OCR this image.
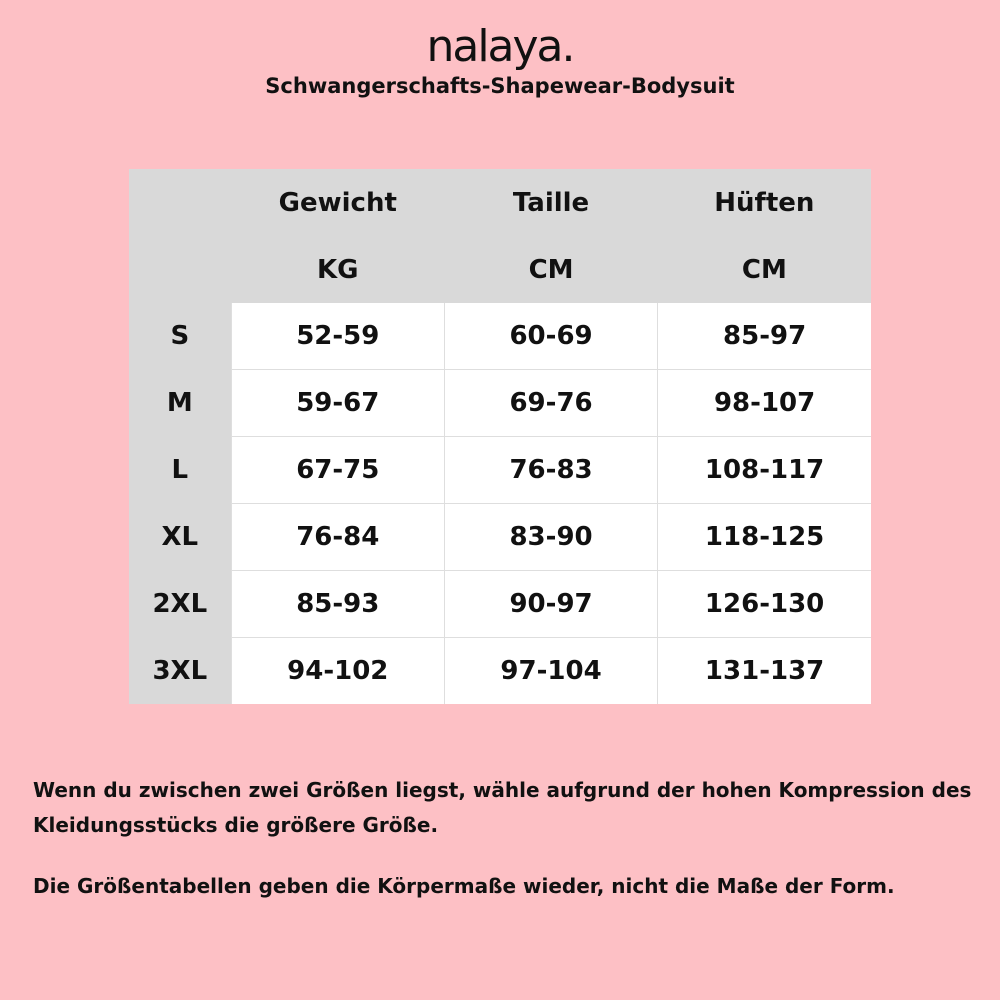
nalaya.
Schwangerschafts-Shapewear-Bodysuit
	Gewicht	Taille	Hüften
	KG	CM	CM
S	52-59	60-69	85-97
M	59-67	69-76	98-107
L	67-75	76-83	108-117
XL	76-84	83-90	118-125
2XL	85-93	90-97	126-130
3XL	94-102	97-104	131-137

Wenn du zwischen zwei Größen liegst, wähle aufgrund der hohen Kompression des Kleidungsstücks die größere Größe.

Die Größentabellen geben die Körpermaße wieder, nicht die Maße der Form.
